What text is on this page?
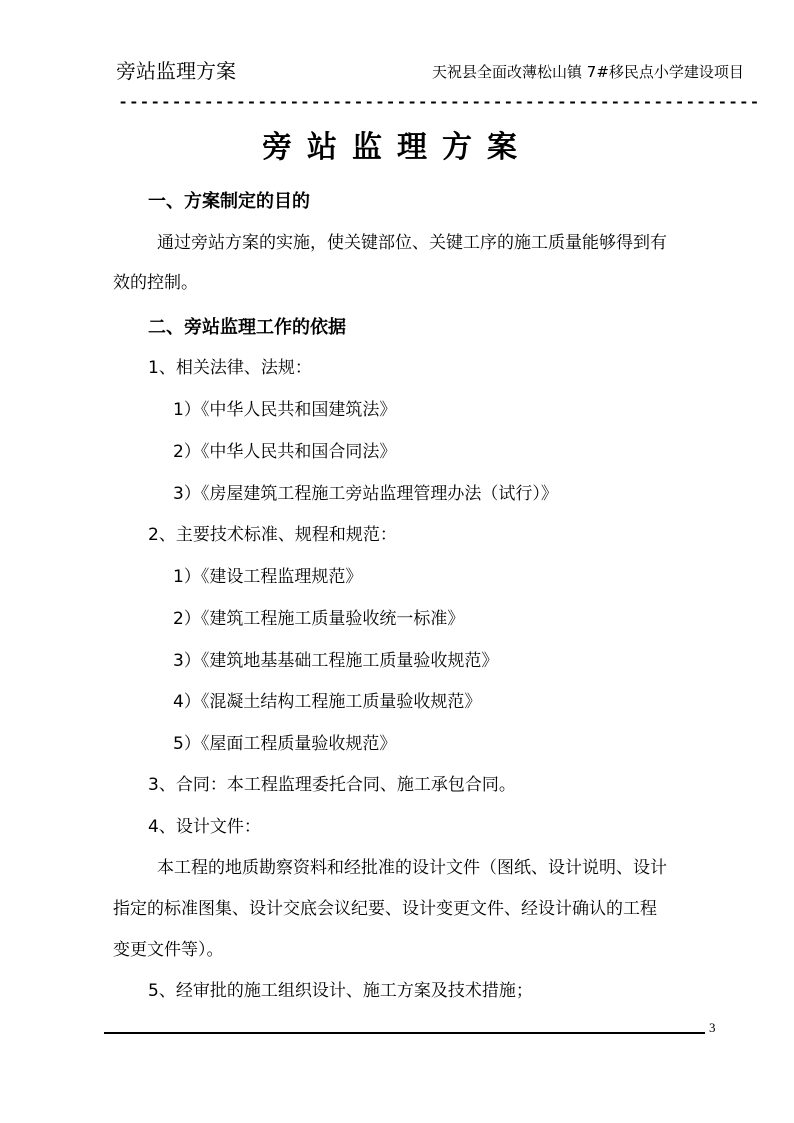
旁站监理方案	天祝县全面改薄松山镇 7#移民点小学建设项目
------------------------------------------------------------
旁站监理方案
一、方案制定的目的
通过旁站方案的实施，使关键部位、关键工序的施工质量能够得到有
效的控制。
二、旁站监理工作的依据
1、相关法律、法规：
1）《中华人民共和国建筑法》
2）《中华人民共和国合同法》
3）《房屋建筑工程施工旁站监理管理办法（试行）》
2、主要技术标准、规程和规范：
1）《建设工程监理规范》
2）《建筑工程施工质量验收统一标准》
3）《建筑地基基础工程施工质量验收规范》
4）《混凝土结构工程施工质量验收规范》
5）《屋面工程质量验收规范》
3、合同：本工程监理委托合同、施工承包合同。
4、设计文件：
本工程的地质勘察资料和经批准的设计文件（图纸、设计说明、设计
指定的标准图集、设计交底会议纪要、设计变更文件、经设计确认的工程
变更文件等）。
5、经审批的施工组织设计、施工方案及技术措施；
3
